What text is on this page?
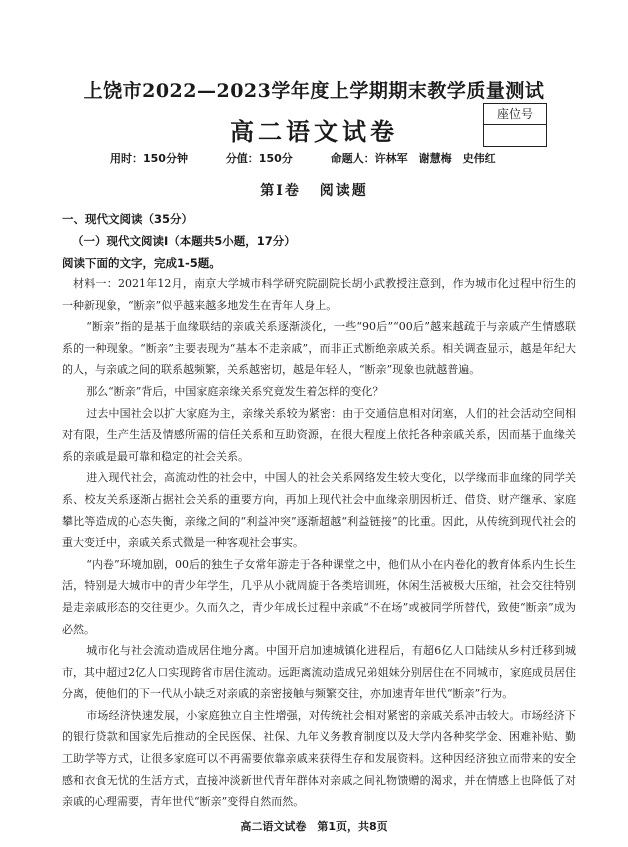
上饶市2022—2023学年度上学期期末教学质量测试
座位号
高二语文试卷
用时：150分钟	分值：150分	命题人：许林军　谢慧梅　史伟红
第Ⅰ卷 阅读题
一、现代文阅读（35分）
（一）现代文阅读Ⅰ（本题共5小题，17分）
阅读下面的文字，完成1-5题。

材料一：2021年12月，南京大学城市科学研究院副院长胡小武教授注意到，作为城市化过程中衍生的一种新现象，“断亲”似乎越来越多地发生在青年人身上。

“断亲”指的是基于血缘联结的亲戚关系逐渐淡化，一些“90后”“00后”越来越疏于与亲戚产生情感联系的一种现象。“断亲”主要表现为“基本不走亲戚”，而非正式断绝亲戚关系。相关调查显示，越是年纪大的人，与亲戚之间的联系越频繁，关系越密切，越是年轻人，“断亲”现象也就越普遍。

那么“断亲”背后，中国家庭亲缘关系究竟发生着怎样的变化？

过去中国社会以扩大家庭为主，亲缘关系较为紧密：由于交通信息相对闭塞，人们的社会活动空间相对有限，生产生活及情感所需的信任关系和互助资源，在很大程度上依托各种亲戚关系，因而基于血缘关系的亲戚是最可靠和稳定的社会关系。

进入现代社会，高流动性的社会中，中国人的社会关系网络发生较大变化，以学缘而非血缘的同学关系、校友关系逐渐占据社会关系的重要方向，再加上现代社会中血缘亲朋因析迁、借贷、财产继承、家庭攀比等造成的心态失衡，亲缘之间的“利益冲突”逐渐超越“利益链接”的比重。因此，从传统到现代社会的重大变迁中，亲戚关系式微是一种客观社会事实。

“内卷”环境加剧，00后的独生子女常年游走于各种课堂之中，他们从小在内卷化的教育体系内生长生活，特别是大城市中的青少年学生，几乎从小就周旋于各类培训班，休闲生活被极大压缩，社会交往特别是走亲戚形态的交往更少。久而久之，青少年成长过程中亲戚“不在场”或被同学所替代，致使“断亲”成为必然。

城市化与社会流动造成居住地分离。中国开启加速城镇化进程后，有超6亿人口陆续从乡村迁移到城市，其中超过2亿人口实现跨省市居住流动。远距离流动造成兄弟姐妹分别居住在不同城市，家庭成员居住分离，使他们的下一代从小缺乏对亲戚的亲密接触与频繁交往，亦加速青年世代“断亲”行为。

市场经济快速发展，小家庭独立自主性增强，对传统社会相对紧密的亲戚关系冲击较大。市场经济下的银行贷款和国家先后推动的全民医保、社保、九年义务教育制度以及大学内各种奖学金、困难补贴、勤工助学等方式，让很多家庭可以不再需要依靠亲戚来获得生存和发展资料。这种因经济独立而带来的安全感和衣食无忧的生活方式，直接冲淡新世代青年群体对亲戚之间礼物馈赠的渴求，并在情感上也降低了对亲戚的心理需要，青年世代“断亲”变得自然而然。

高二语文试卷　第1页，共8页
